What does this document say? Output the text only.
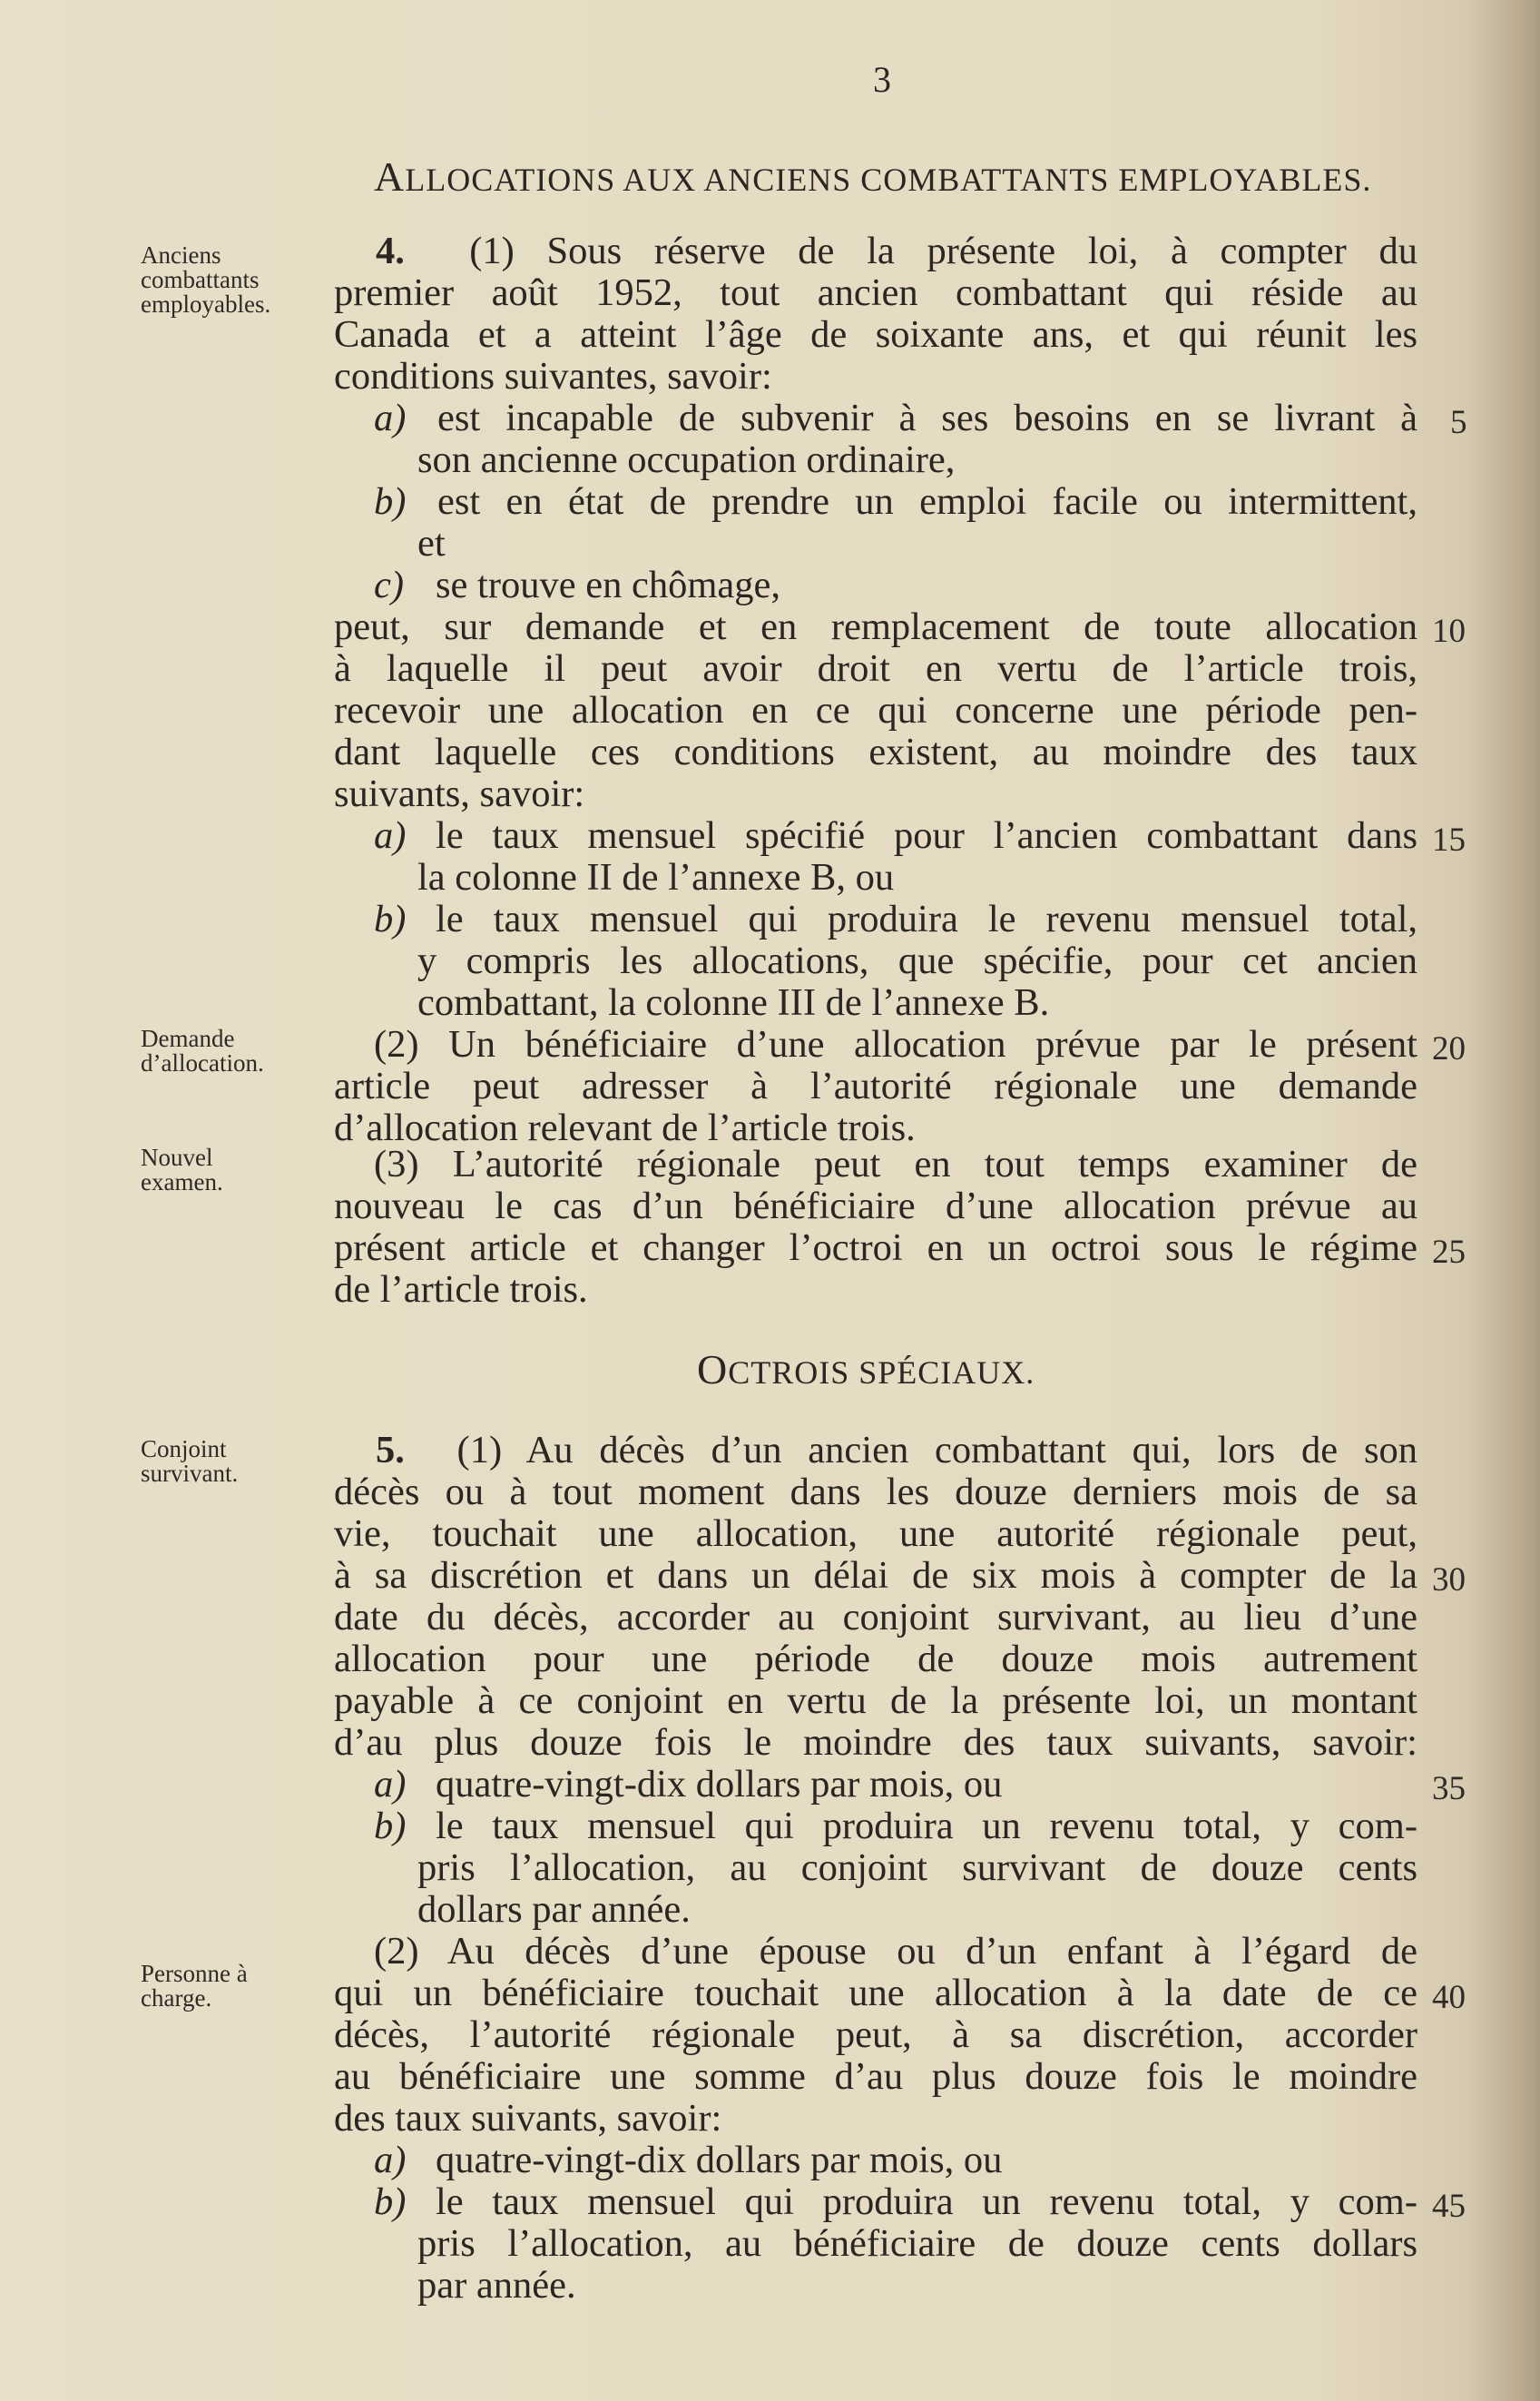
3
ALLOCATIONS AUX ANCIENS COMBATTANTS EMPLOYABLES.
Anciens
combattants
employables.
Demande
d’allocation.
Nouvel
examen.
Conjoint
survivant.
Personne à
charge.
4. (1) Sous réserve de la présente loi, à compter du
premier août 1952, tout ancien combattant qui réside au
Canada et a atteint l’âge de soixante ans, et qui réunit les
conditions suivantes, savoir:
a) est incapable de subvenir à ses besoins en se livrant à
son ancienne occupation ordinaire,
b) est en état de prendre un emploi facile ou intermittent,
et
c) se trouve en chômage,
peut, sur demande et en remplacement de toute allocation
à laquelle il peut avoir droit en vertu de l’article trois,
recevoir une allocation en ce qui concerne une période pen-
dant laquelle ces conditions existent, au moindre des taux
suivants, savoir:
a) le taux mensuel spécifié pour l’ancien combattant dans
la colonne II de l’annexe B, ou
b) le taux mensuel qui produira le revenu mensuel total,
y compris les allocations, que spécifie, pour cet ancien
combattant, la colonne III de l’annexe B.
(2) Un bénéficiaire d’une allocation prévue par le présent
article peut adresser à l’autorité régionale une demande
d’allocation relevant de l’article trois.
(3) L’autorité régionale peut en tout temps examiner de
nouveau le cas d’un bénéficiaire d’une allocation prévue au
présent article et changer l’octroi en un octroi sous le régime
de l’article trois.
OCTROIS SPÉCIAUX.
5. (1) Au décès d’un ancien combattant qui, lors de son
décès ou à tout moment dans les douze derniers mois de sa
vie, touchait une allocation, une autorité régionale peut,
à sa discrétion et dans un délai de six mois à compter de la
date du décès, accorder au conjoint survivant, au lieu d’une
allocation pour une période de douze mois autrement
payable à ce conjoint en vertu de la présente loi, un montant
d’au plus douze fois le moindre des taux suivants, savoir:
a) quatre-vingt-dix dollars par mois, ou
b) le taux mensuel qui produira un revenu total, y com-
pris l’allocation, au conjoint survivant de douze cents
dollars par année.
(2) Au décès d’une épouse ou d’un enfant à l’égard de
qui un bénéficiaire touchait une allocation à la date de ce
décès, l’autorité régionale peut, à sa discrétion, accorder
au bénéficiaire une somme d’au plus douze fois le moindre
des taux suivants, savoir:
a) quatre-vingt-dix dollars par mois, ou
b) le taux mensuel qui produira un revenu total, y com-
pris l’allocation, au bénéficiaire de douze cents dollars
par année.
5
10
15
20
25
30
35
40
45
